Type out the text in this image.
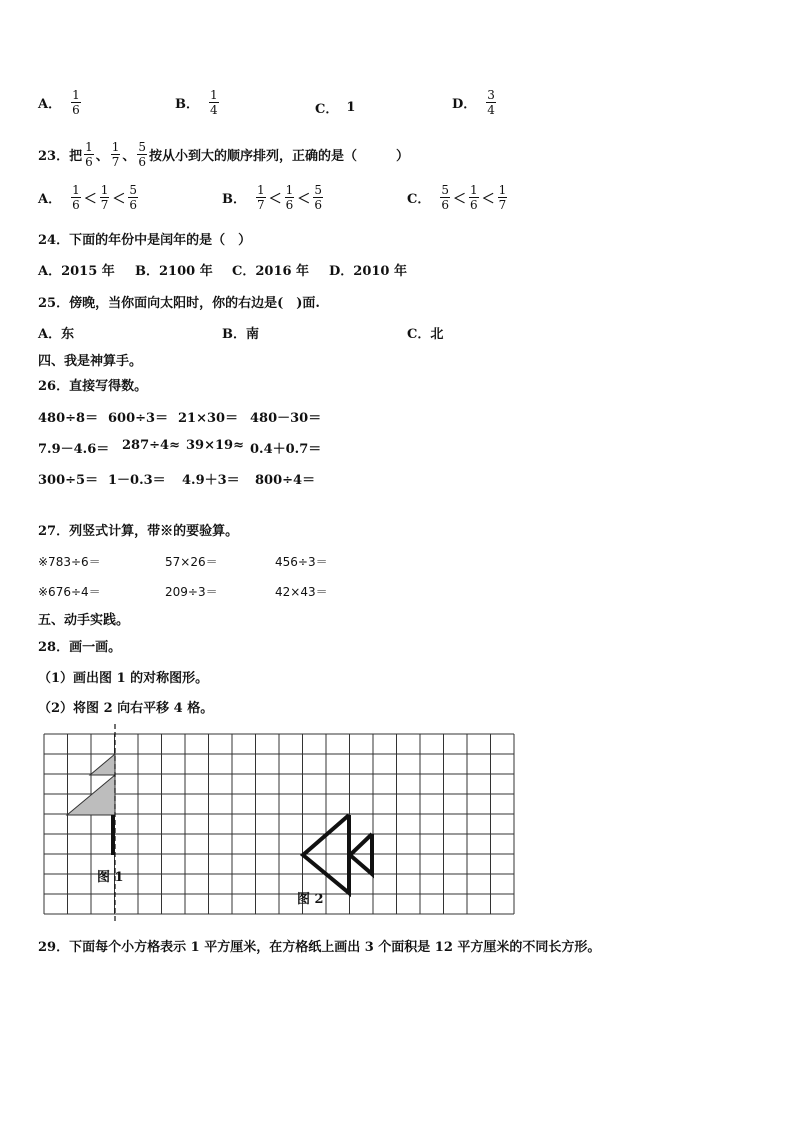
A． $\frac{1}{6}$	B． $\frac{1}{4}$	C． 1	D． $\frac{3}{4}$
23．把 $\frac{1}{6}$ 、 $\frac{1}{7}$ 、 $\frac{5}{6}$ 按从小到大的顺序排列，正确的是（　　　）
A． $\frac{1}{6} < \frac{1}{7} < \frac{5}{6}$	B． $\frac{1}{7} < \frac{1}{6} < \frac{5}{6}$	C． $\frac{5}{6} < \frac{1}{6} < \frac{1}{7}$
24．下面的年份中是闰年的是（　）
A．2015 年 B．2100 年 C．2016 年 D．2010 年
25．傍晚，当你面向太阳时，你的右边是(　)面.
A．东	B．南	C．北
四、我是神算手。
26．直接写得数。
480÷8＝ 600÷3＝ 21×30＝ 480－30＝
7.9－4.6＝ 287÷4≈ 39×19≈ 0.4＋0.7＝
300÷5＝ 1－0.3＝ 4.9＋3＝ 800÷4＝
27．列竖式计算，带※的要验算。
※783÷6＝	57×26＝	456÷3＝
※676÷4＝	209÷3＝	42×43＝
五、动手实践。
28．画一画。
（1）画出图 1 的对称图形。
（2）将图 2 向右平移 4 格。
图 1
图 2
29．下面每个小方格表示 1 平方厘米，在方格纸上画出 3 个面积是 12 平方厘米的不同长方形。
